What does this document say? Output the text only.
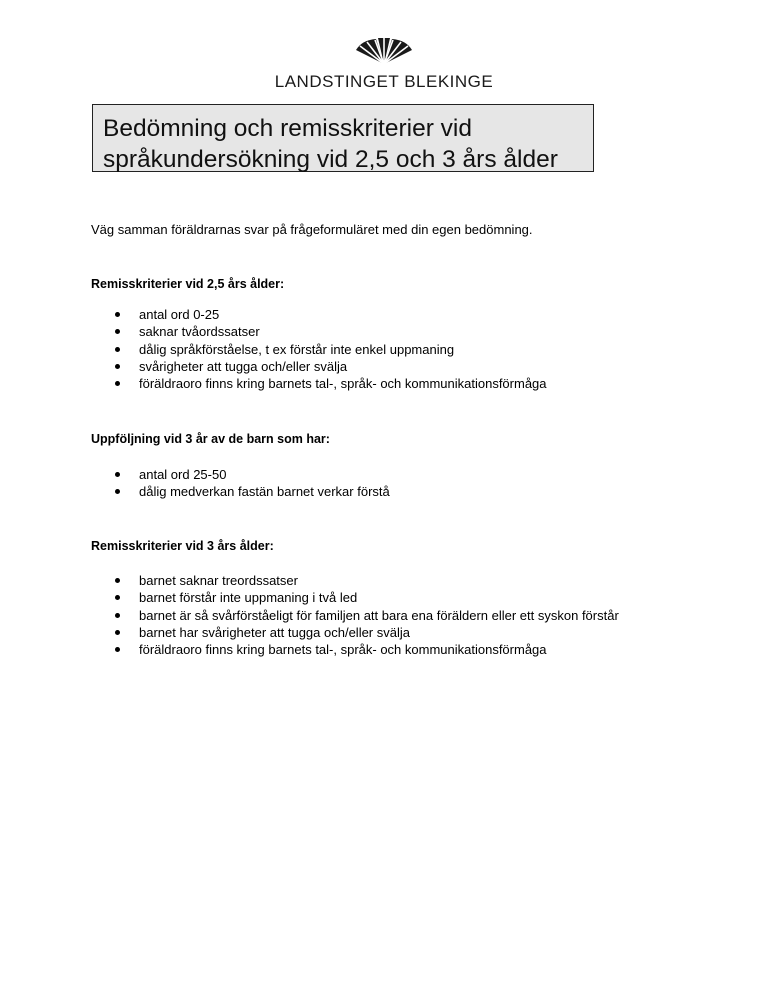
LANDSTINGET BLEKINGE
Bedömning och remisskriterier vid
språkundersökning vid 2,5 och 3 års ålder
Väg samman föräldrarnas svar på frågeformuläret med din egen bedömning.
Remisskriterier vid 2,5 års ålder:
antal ord 0-25
saknar tvåordssatser
dålig språkförståelse, t ex förstår inte enkel uppmaning
svårigheter att tugga och/eller svälja
föräldraoro finns kring barnets tal-, språk- och kommunikationsförmåga
Uppföljning vid 3 år av de barn som har:
antal ord 25-50
dålig medverkan fastän barnet verkar förstå
Remisskriterier vid 3 års ålder:
barnet saknar treordssatser
barnet förstår inte uppmaning i två led
barnet är så svårförståeligt för familjen att bara ena föräldern eller ett syskon förstår
barnet har svårigheter att tugga och/eller svälja
föräldraoro finns kring barnets tal-, språk- och kommunikationsförmåga
